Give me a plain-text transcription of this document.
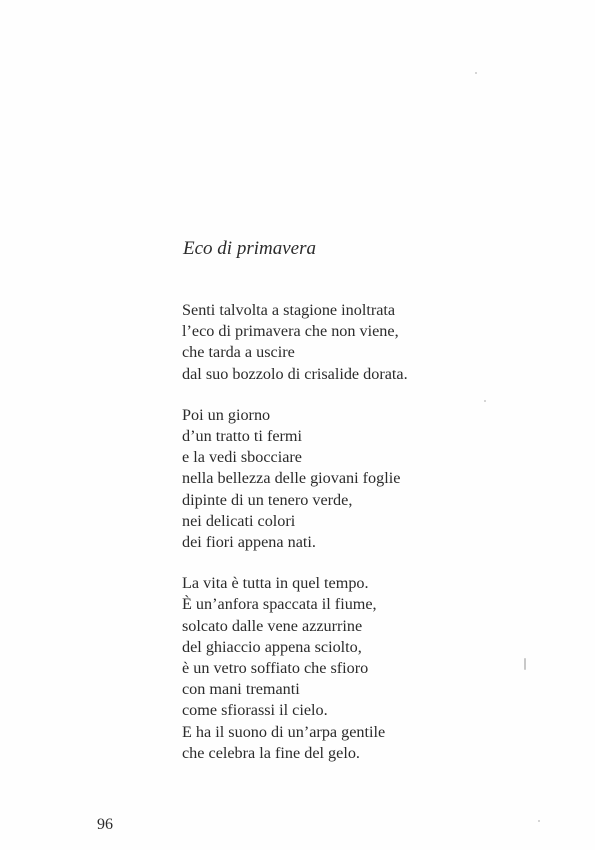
Eco di primavera

Senti talvolta a stagione inoltrata
l’eco di primavera che non viene,
che tarda a uscire
dal suo bozzolo di crisalide dorata.

Poi un giorno
d’un tratto ti fermi
e la vedi sbocciare
nella bellezza delle giovani foglie
dipinte di un tenero verde,
nei delicati colori
dei fiori appena nati.

La vita è tutta in quel tempo.
È un’anfora spaccata il fiume,
solcato dalle vene azzurrine
del ghiaccio appena sciolto,
è un vetro soffiato che sfioro
con mani tremanti
come sfiorassi il cielo.
E ha il suono di un’arpa gentile
che celebra la fine del gelo.

96
